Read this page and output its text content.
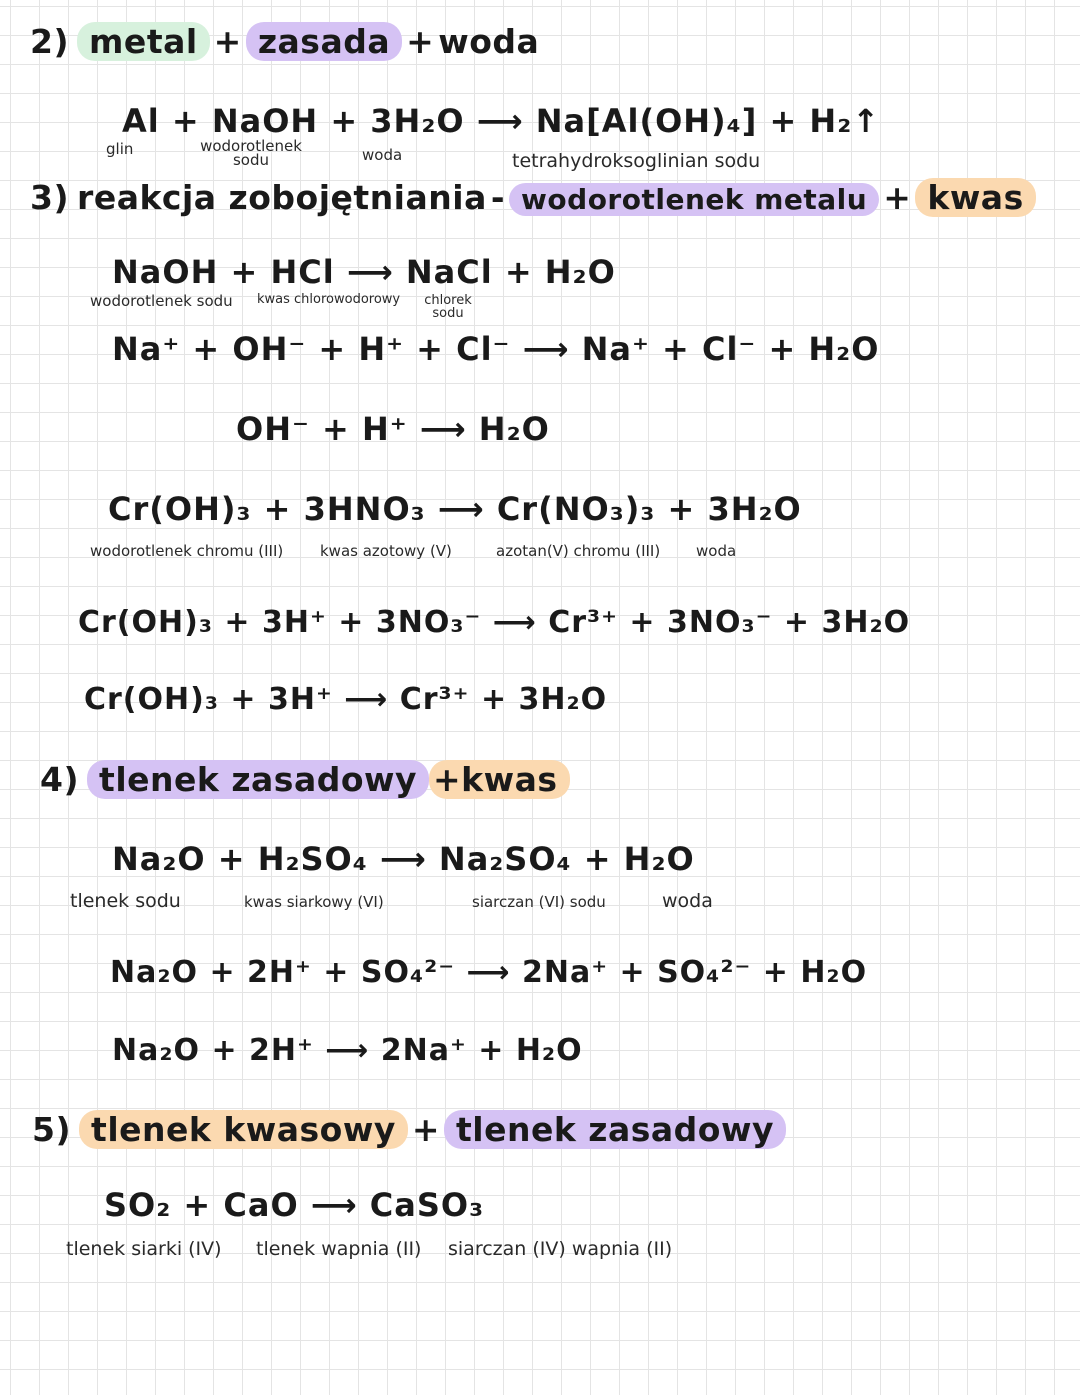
2) metal + zasada + woda
Al + NaOH + 3H₂O ⟶ Na[Al(OH)₄] + H₂↑
glin	wodorotlenek sodu	woda	tetrahydroksoglinian sodu
3) reakcja zobojętniania - wodorotlenek metalu + kwas
NaOH + HCl ⟶ NaCl + H₂O
wodorotlenek sodu kwas chlorowodorowy	chlorek sodu
Na⁺ + OH⁻ + H⁺ + Cl⁻ ⟶ Na⁺ + Cl⁻ + H₂O
OH⁻ + H⁺ ⟶ H₂O
Cr(OH)₃ + 3HNO₃ ⟶ Cr(NO₃)₃ + 3H₂O
wodorotlenek chromu (III) kwas azotowy (V)	azotan(V) chromu (III) woda
Cr(OH)₃ + 3H⁺ + 3NO₃⁻ ⟶ Cr³⁺ + 3NO₃⁻ + 3H₂O
Cr(OH)₃ + 3H⁺ ⟶ Cr³⁺ + 3H₂O
4) tlenek zasadowy +kwas
Na₂O + H₂SO₄ ⟶ Na₂SO₄ + H₂O
tlenek sodu	kwas siarkowy (VI)	siarczan (VI) sodu	woda
Na₂O + 2H⁺ + SO₄²⁻ ⟶ 2Na⁺ + SO₄²⁻ + H₂O
Na₂O + 2H⁺ ⟶ 2Na⁺ + H₂O
5) tlenek kwasowy + tlenek zasadowy
SO₂ + CaO ⟶ CaSO₃
tlenek siarki (IV) tlenek wapnia (II) siarczan (IV) wapnia (II)
